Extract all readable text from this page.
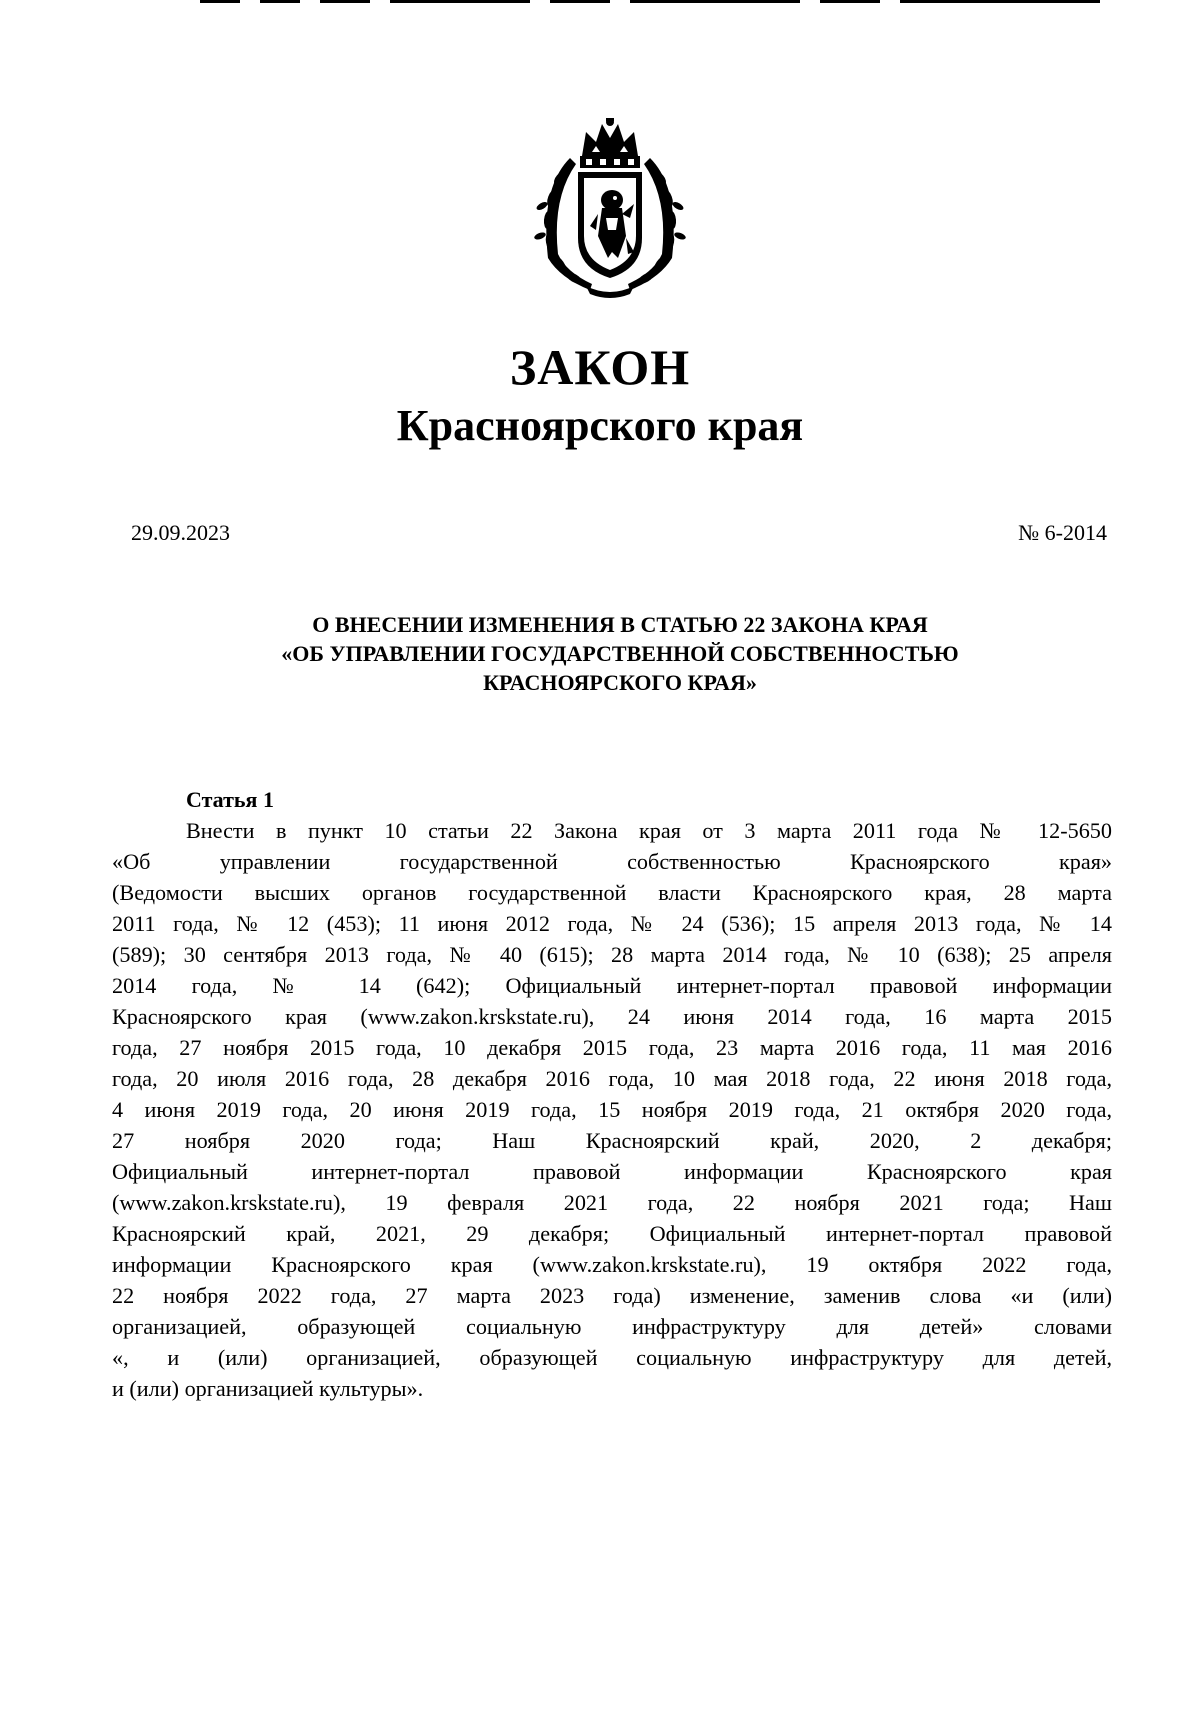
ЗАКОН
Красноярского края
29.09.2023	№ 6-2014
О ВНЕСЕНИИ ИЗМЕНЕНИЯ В СТАТЬЮ 22 ЗАКОНА КРАЯ
«ОБ УПРАВЛЕНИИ ГОСУДАРСТВЕННОЙ СОБСТВЕННОСТЬЮ
КРАСНОЯРСКОГО КРАЯ»
Статья 1
Внести в пункт 10 статьи 22 Закона края от 3 марта 2011 года № 12-5650
«Об управлении государственной собственностью Красноярского края»
(Ведомости высших органов государственной власти Красноярского края, 28 марта
2011 года, № 12 (453); 11 июня 2012 года, № 24 (536); 15 апреля 2013 года, № 14
(589); 30 сентября 2013 года, № 40 (615); 28 марта 2014 года, № 10 (638); 25 апреля
2014 года, № 14 (642); Официальный интернет-портал правовой информации
Красноярского края (www.zakon.krskstate.ru), 24 июня 2014 года, 16 марта 2015
года, 27 ноября 2015 года, 10 декабря 2015 года, 23 марта 2016 года, 11 мая 2016
года, 20 июля 2016 года, 28 декабря 2016 года, 10 мая 2018 года, 22 июня 2018 года,
4 июня 2019 года, 20 июня 2019 года, 15 ноября 2019 года, 21 октября 2020 года,
27 ноября 2020 года; Наш Красноярский край, 2020, 2 декабря;
Официальный интернет-портал правовой информации Красноярского края
(www.zakon.krskstate.ru), 19 февраля 2021 года, 22 ноября 2021 года; Наш
Красноярский край, 2021, 29 декабря; Официальный интернет-портал правовой
информации Красноярского края (www.zakon.krskstate.ru), 19 октября 2022 года,
22 ноября 2022 года, 27 марта 2023 года) изменение, заменив слова «и (или)
организацией, образующей социальную инфраструктуру для детей» словами
«, и (или) организацией, образующей социальную инфраструктуру для детей,
и (или) организацией культуры».
